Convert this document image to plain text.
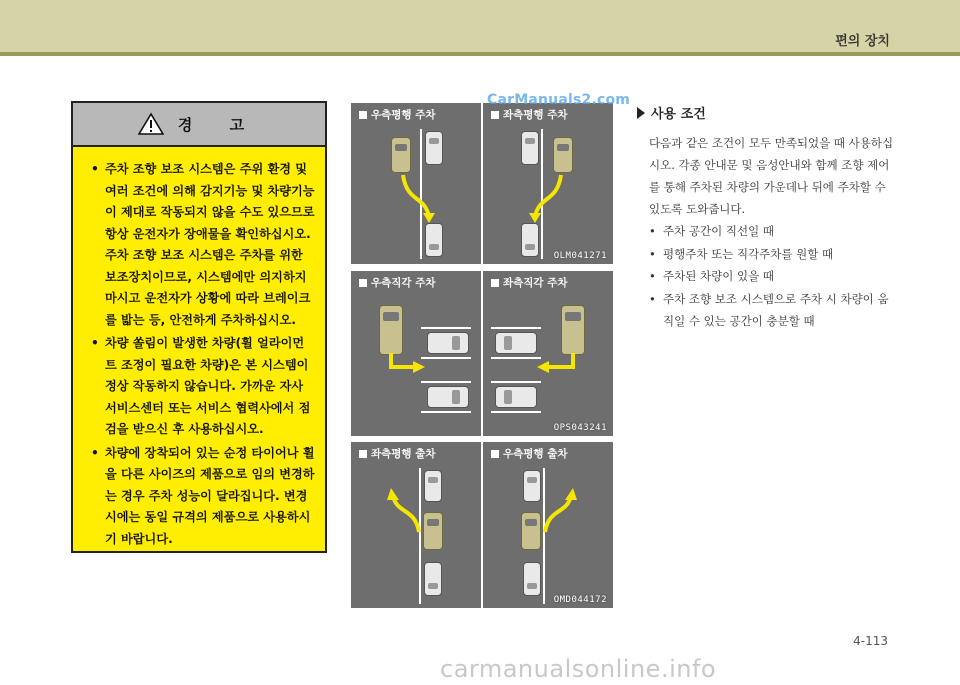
편의 장치
경 고
• 주차 조향 보조 시스템은 주위 환경 및 여러 조건에 의해 감지기능 및 차량기능이 제대로 작동되지 않을 수도 있으므로 항상 운전자가 장애물을 확인하십시오. 주차 조향 보조 시스템은 주차를 위한 보조장치이므로, 시스템에만 의지하지 마시고 운전자가 상황에 따라 브레이크를 밟는 등, 안전하게 주차하십시오.
• 차량 쏠림이 발생한 차량(휠 얼라이먼트 조정이 필요한 차량)은 본 시스템이 정상 작동하지 않습니다. 가까운 자사 서비스센터 또는 서비스 협력사에서 점검을 받으신 후 사용하십시오.
• 차량에 장착되어 있는 순정 타이어나 휠을 다른 사이즈의 제품으로 임의 변경하는 경우 주차 성능이 달라집니다. 변경 시에는 동일 규격의 제품으로 사용하시기 바랍니다.
우측평행 주차	좌측평행 주차
OLM041271
CarManuals2.com
우측직각 주차	좌측직각 주차
OPS043241
좌측평행 출차	우측평행 출차
OMD044172
사용 조건
다음과 같은 조건이 모두 만족되었을 때 사용하십시오. 각종 안내문 및 음성안내와 함께 조향 제어를 통해 주차된 차량의 가운데나 뒤에 주차할 수 있도록 도와줍니다.
• 주차 공간이 직선일 때
• 평행주차 또는 직각주차를 원할 때
• 주차된 차량이 있을 때
• 주차 조향 보조 시스템으로 주차 시 차량이 움직일 수 있는 공간이 충분할 때
4-113
carmanualsonline.info
